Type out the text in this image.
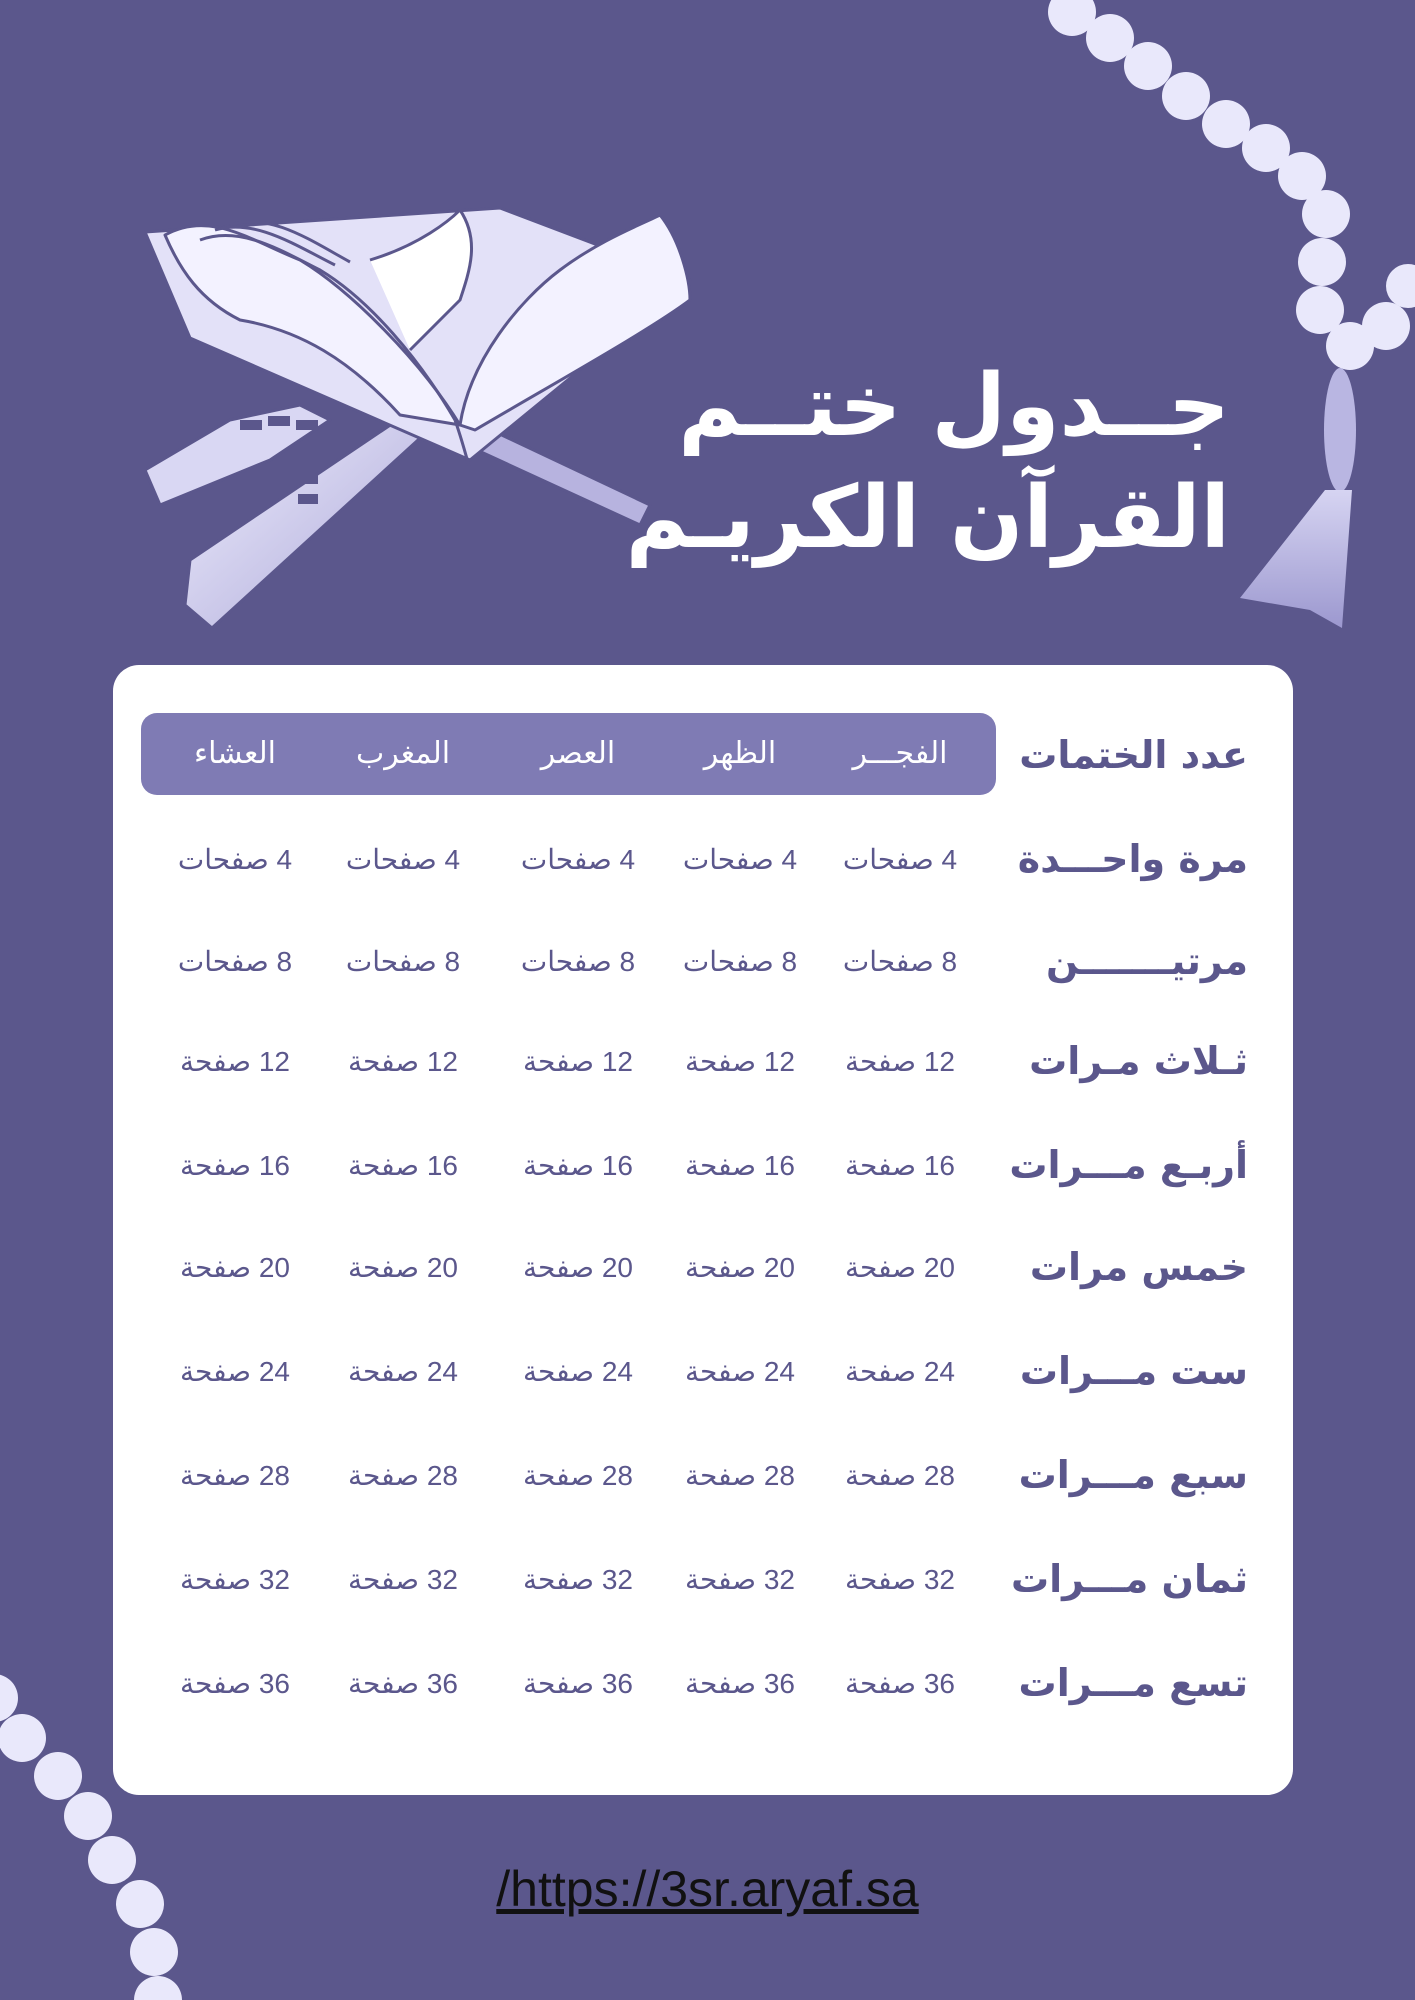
جــدول ختــم
القرآن الكريـم
عدد الختمات
الفجـــر
الظهر
العصر
المغرب
العشاء
مرة واحـــدة
4 صفحات
4 صفحات
4 صفحات
4 صفحات
4 صفحات
مرتيـــــــن
8 صفحات
8 صفحات
8 صفحات
8 صفحات
8 صفحات
ثـلاث مـرات
12 صفحة
12 صفحة
12 صفحة
12 صفحة
12 صفحة
أربـع مـــرات
16 صفحة
16 صفحة
16 صفحة
16 صفحة
16 صفحة
خمس مرات
20 صفحة
20 صفحة
20 صفحة
20 صفحة
20 صفحة
ست مـــرات
24 صفحة
24 صفحة
24 صفحة
24 صفحة
24 صفحة
سبع مـــرات
28 صفحة
28 صفحة
28 صفحة
28 صفحة
28 صفحة
ثمان مـــرات
32 صفحة
32 صفحة
32 صفحة
32 صفحة
32 صفحة
تسع مـــرات
36 صفحة
36 صفحة
36 صفحة
36 صفحة
36 صفحة
/https://3sr.aryaf.sa
